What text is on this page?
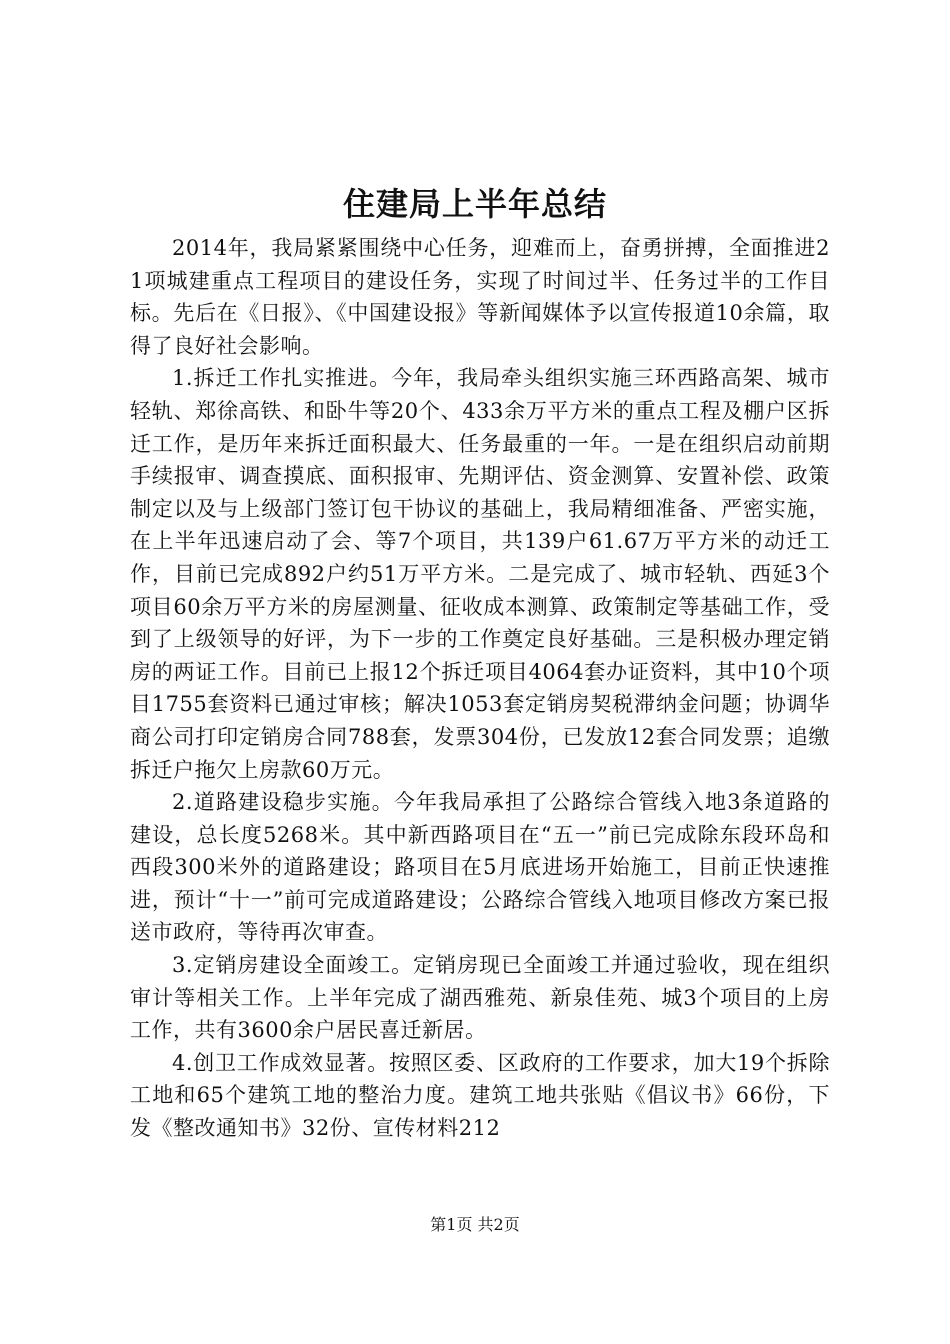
住建局上半年总结

2014年，我局紧紧围绕中心任务，迎难而上，奋勇拼搏，全面推进21项城建重点工程项目的建设任务，实现了时间过半、任务过半的工作目标。先后在《日报》、《中国建设报》等新闻媒体予以宣传报道10余篇，取得了良好社会影响。

1.拆迁工作扎实推进。今年，我局牵头组织实施三环西路高架、城市轻轨、郑徐高铁、和卧牛等20个、433余万平方米的重点工程及棚户区拆迁工作，是历年来拆迁面积最大、任务最重的一年。一是在组织启动前期手续报审、调查摸底、面积报审、先期评估、资金测算、安置补偿、政策制定以及与上级部门签订包干协议的基础上，我局精细准备、严密实施，在上半年迅速启动了会、等7个项目，共139户61.67万平方米的动迁工作，目前已完成892户约51万平方米。二是完成了、城市轻轨、西延3个项目60余万平方米的房屋测量、征收成本测算、政策制定等基础工作，受到了上级领导的好评，为下一步的工作奠定良好基础。三是积极办理定销房的两证工作。目前已上报12个拆迁项目4064套办证资料，其中10个项目1755套资料已通过审核；解决1053套定销房契税滞纳金问题；协调华商公司打印定销房合同788套，发票304份，已发放12套合同发票；追缴拆迁户拖欠上房款60万元。

2.道路建设稳步实施。今年我局承担了公路综合管线入地3条道路的建设，总长度5268米。其中新西路项目在“五一”前已完成除东段环岛和西段300米外的道路建设；路项目在5月底进场开始施工，目前正快速推进，预计“十一”前可完成道路建设；公路综合管线入地项目修改方案已报送市政府，等待再次审查。

3.定销房建设全面竣工。定销房现已全面竣工并通过验收，现在组织审计等相关工作。上半年完成了湖西雅苑、新泉佳苑、城3个项目的上房工作，共有3600余户居民喜迁新居。

4.创卫工作成效显著。按照区委、区政府的工作要求，加大19个拆除工地和65个建筑工地的整治力度。建筑工地共张贴《倡议书》66份，下发《整改通知书》32份、宣传材料212

第1页 共2页
